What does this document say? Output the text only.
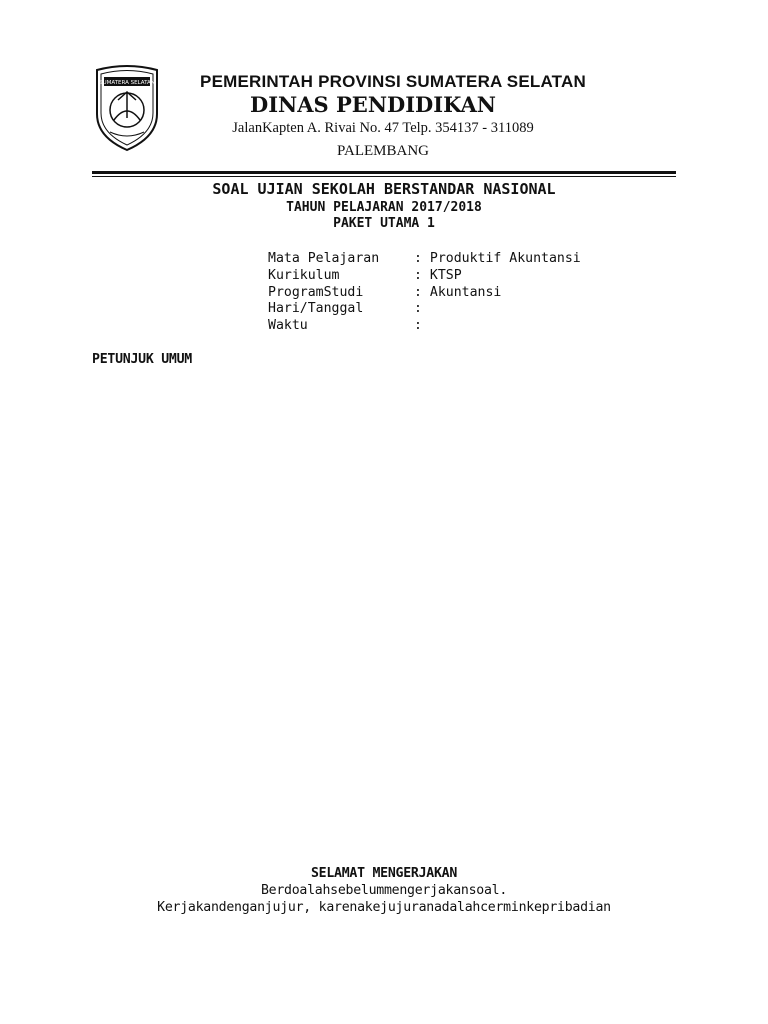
SUMATERA SELATAN	PEMERINTAH PROVINSI SUMATERA SELATAN
DINAS PENDIDIKAN
JalanKapten A. Rivai No. 47 Telp. 354137 - 311089
PALEMBANG
SOAL UJIAN SEKOLAH BERSTANDAR NASIONAL
TAHUN PELAJARAN 2017/2018
PAKET UTAMA 1
Mata Pelajaran	: Produktif Akuntansi
Kurikulum	: KTSP
ProgramStudi	: Akuntansi
Hari/Tanggal	:
Waktu	:
PETUNJUK UMUM
SELAMAT MENGERJAKAN
Berdoalahsebelummengerjakansoal.
Kerjakandenganjujur, karenakejujuranadalahcerminkepribadian
